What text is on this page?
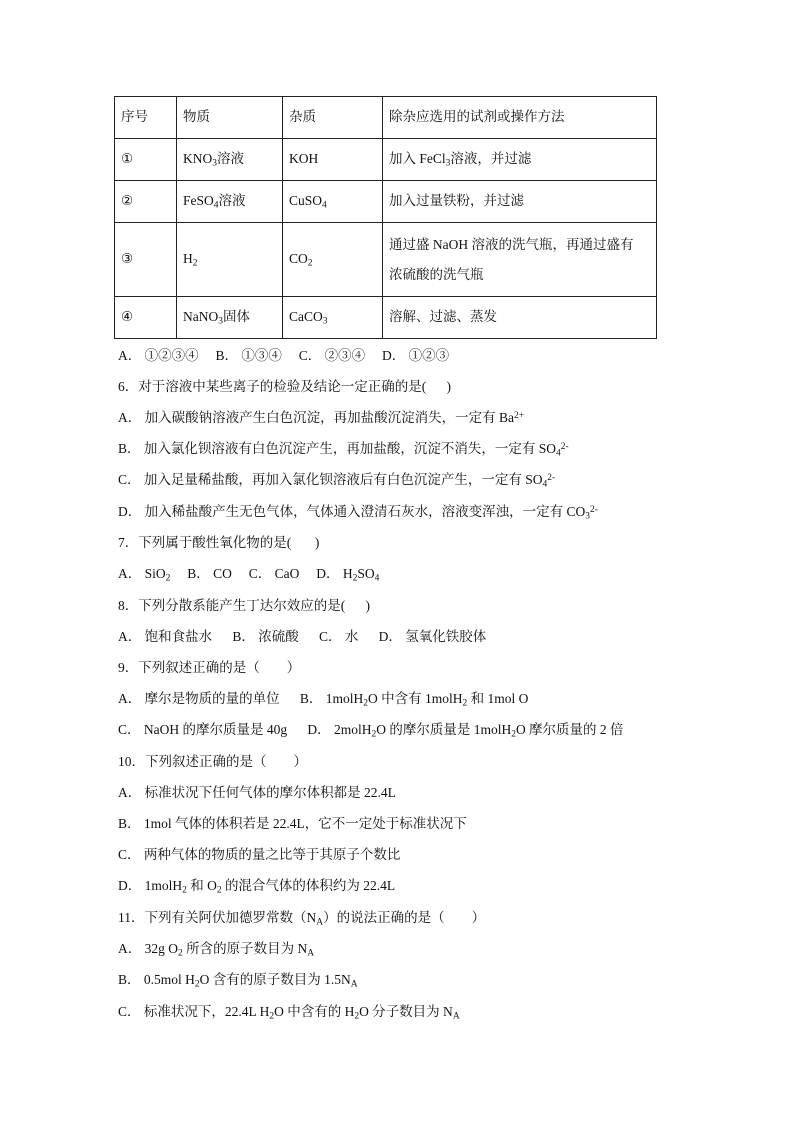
序号	物质	杂质	除杂应选用的试剂或操作方法
①	$KNO_3$溶液	KOH	加入 FeCl$_3$溶液，并过滤
②	FeSO$_4$溶液	CuSO$_4$	加入过量铁粉，并过滤
③	$H_2$	$CO_2$	通过盛 NaOH 溶液的洗气瓶，再通过盛有
浓硫酸的洗气瓶
④	NaNO$_3$固体	CaCO$_3$	溶解、过滤、蒸发
A． ①②③④     B． ①③④     C． ②③④     D． ①②③
6．对于溶液中某些离子的检验及结论一定正确的是(      )
A． 加入碳酸钠溶液产生白色沉淀，再加盐酸沉淀消失，一定有 $Ba^{2+}$
B． 加入氯化钡溶液有白色沉淀产生，再加盐酸，沉淀不消失，一定有 $SO_4^{2-}$
C． 加入足量稀盐酸，再加入氯化钡溶液后有白色沉淀产生，一定有 $SO_4^{2-}$
D． 加入稀盐酸产生无色气体，气体通入澄清石灰水，溶液变浑浊，一定有 $CO_3^{2-}$
7．下列属于酸性氧化物的是(       )
A． SiO$_2$     B． CO     C． CaO     D． $H_2SO_4$
8．下列分散系能产生丁达尔效应的是(      )
A． 饱和食盐水      B． 浓硫酸      C． 水      D． 氢氧化铁胶体
9．下列叙述正确的是（        ）
A． 摩尔是物质的量的单位      B． 1molH$_2$O 中含有 1molH$_2$ 和 1mol O
C． NaOH 的摩尔质量是 40g      D． 2molH$_2$O 的摩尔质量是 1molH$_2$O 摩尔质量的 2 倍
10．下列叙述正确的是（        ）
A． 标准状况下任何气体的摩尔体积都是 22.4L
B． 1mol 气体的体积若是 22.4L，它不一定处于标准状况下
C． 两种气体的物质的量之比等于其原子个数比
D． 1molH$_2$ 和 $O_2$ 的混合气体的体积约为 22.4L
11．下列有关阿伏加德罗常数$(N_A)$的说法正确的是（        ）
A． 32g $O_2$ 所含的原子数目为 $N_A$
B． 0.5mol $H_2O$ 含有的原子数目为 $1.5N_A$
C． 标准状况下，22.4L $H_2O$ 中含有的 $H_2O$ 分子数目为 $N_A$
